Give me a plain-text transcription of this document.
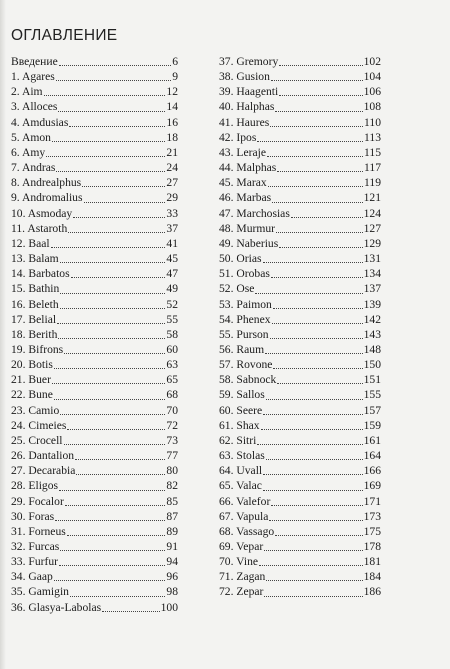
ОГЛАВЛЕНИЕ
Введение	6
1. Agares	9
2. Aim	12
3. Alloces	14
4. Amdusias	16
5. Amon	18
6. Amy	21
7. Andras	24
8. Andrealphus	27
9. Andromalius	29
10. Asmoday	33
11. Astaroth	37
12. Baal	41
13. Balam	45
14. Barbatos	47
15. Bathin	49
16. Beleth	52
17. Belial	55
18. Berith	58
19. Bifrons	60
20. Botis	63
21. Buer	65
22. Bune	68
23. Camio	70
24. Cimeies	72
25. Crocell	73
26. Dantalion	77
27. Decarabia	80
28. Eligos	82
29. Focalor	85
30. Foras	87
31. Forneus	89
32. Furcas	91
33. Furfur	94
34. Gaap	96
35. Gamigin	98
36. Glasya-Labolas	100
37. Gremory	102
38. Gusion	104
39. Haagenti	106
40. Halphas	108
41. Haures	110
42. Ipos	113
43. Leraje	115
44. Malphas	117
45. Marax	119
46. Marbas	121
47. Marchosias	124
48. Murmur	127
49. Naberius	129
50. Orias	131
51. Orobas	134
52. Ose	137
53. Paimon	139
54. Phenex	142
55. Purson	143
56. Raum	148
57. Rovone	150
58. Sabnock	151
59. Sallos	155
60. Seere	157
61. Shax	159
62. Sitri	161
63. Stolas	164
64. Uvall	166
65. Valac	169
66. Valefor	171
67. Vapula	173
68. Vassago	175
69. Vepar	178
70. Vine	181
71. Zagan	184
72. Zepar	186
